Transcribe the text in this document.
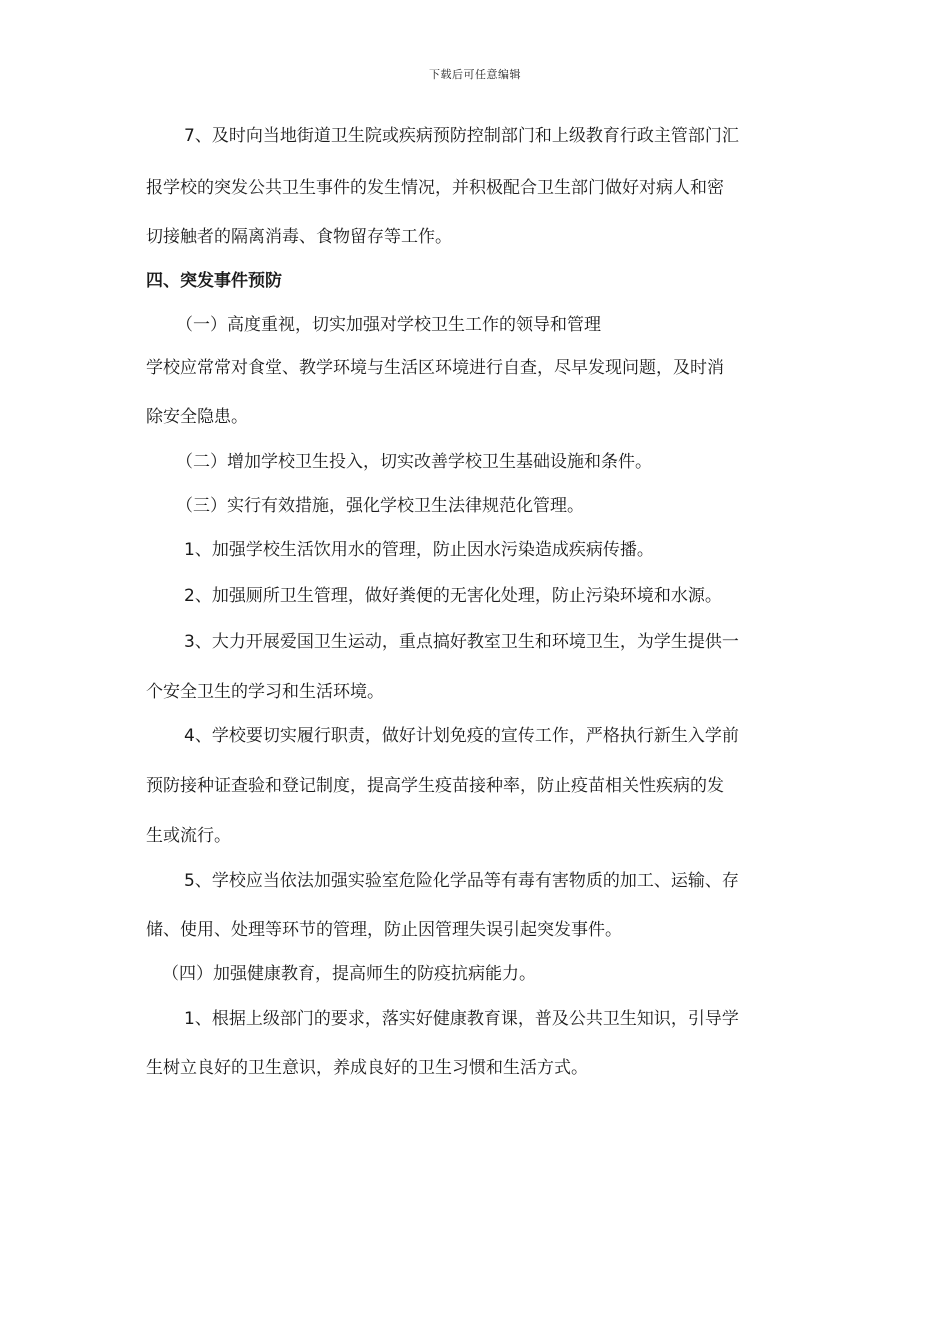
下载后可任意编辑
7、及时向当地街道卫生院或疾病预防控制部门和上级教育行政主管部门汇
报学校的突发公共卫生事件的发生情况，并积极配合卫生部门做好对病人和密
切接触者的隔离消毒、食物留存等工作。
四、突发事件预防
（一）高度重视，切实加强对学校卫生工作的领导和管理
学校应常常对食堂、教学环境与生活区环境进行自查，尽早发现问题，及时消
除安全隐患。
（二）增加学校卫生投入，切实改善学校卫生基础设施和条件。
（三）实行有效措施，强化学校卫生法律规范化管理。
1、加强学校生活饮用水的管理，防止因水污染造成疾病传播。
2、加强厕所卫生管理，做好粪便的无害化处理，防止污染环境和水源。
3、大力开展爱国卫生运动，重点搞好教室卫生和环境卫生，为学生提供一
个安全卫生的学习和生活环境。
4、学校要切实履行职责，做好计划免疫的宣传工作，严格执行新生入学前
预防接种证查验和登记制度，提高学生疫苗接种率，防止疫苗相关性疾病的发
生或流行。
5、学校应当依法加强实验室危险化学品等有毒有害物质的加工、运输、存
储、使用、处理等环节的管理，防止因管理失误引起突发事件。
（四）加强健康教育，提高师生的防疫抗病能力。
1、根据上级部门的要求，落实好健康教育课，普及公共卫生知识，引导学
生树立良好的卫生意识，养成良好的卫生习惯和生活方式。
